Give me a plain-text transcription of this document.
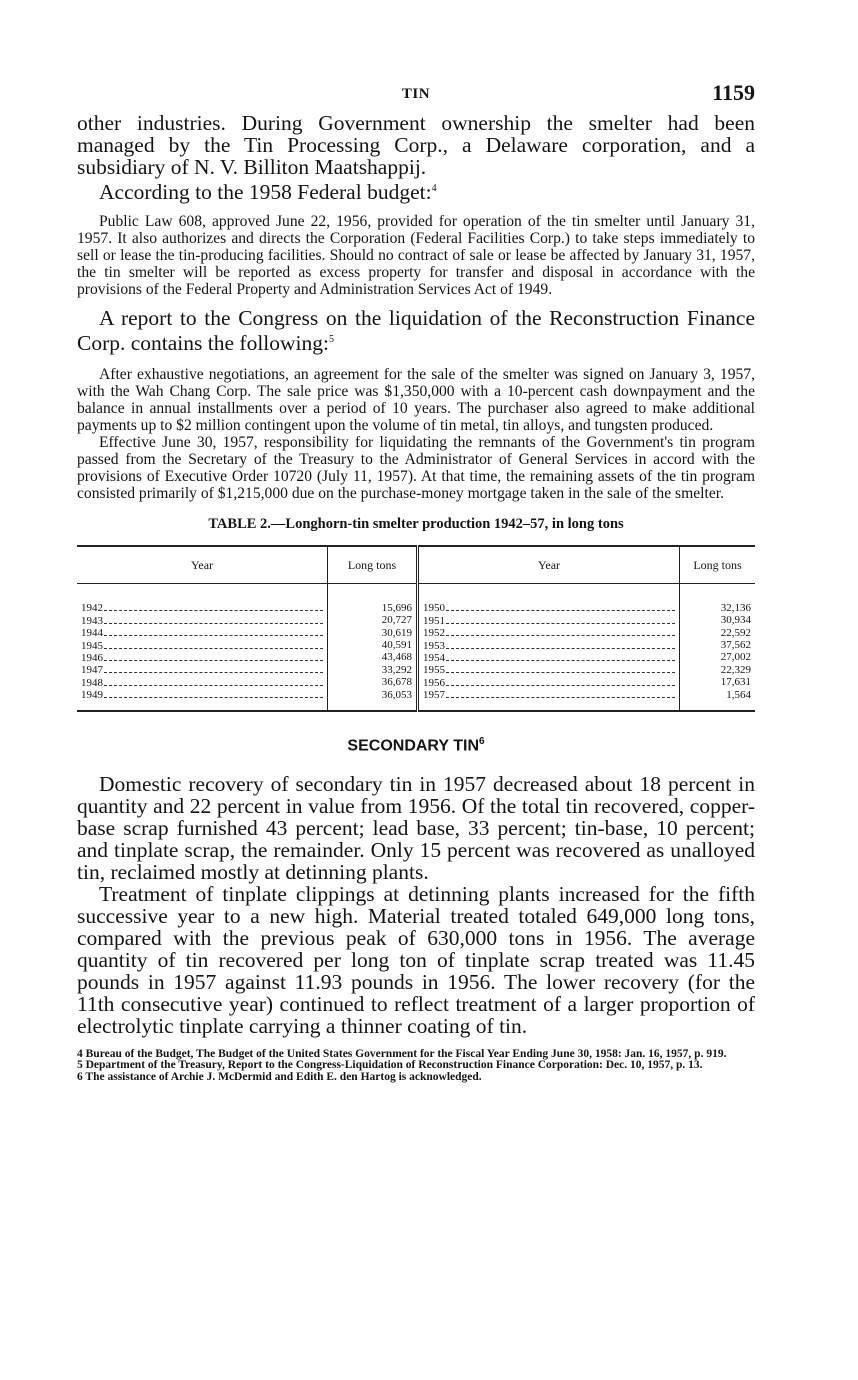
TIN	1159

other industries. During Government ownership the smelter had been managed by the Tin Processing Corp., a Delaware corporation, and a subsidiary of N. V. Billiton Maatshappij.

According to the 1958 Federal budget:$^4$

Public Law 608, approved June 22, 1956, provided for operation of the tin smelter until January 31, 1957. It also authorizes and directs the Corporation (Federal Facilities Corp.) to take steps immediately to sell or lease the tin-producing facilities. Should no contract of sale or lease be affected by January 31, 1957, the tin smelter will be reported as excess property for transfer and disposal in accordance with the provisions of the Federal Property and Administration Services Act of 1949.

A report to the Congress on the liquidation of the Reconstruction Finance Corp. contains the following:$^5$

After exhaustive negotiations, an agreement for the sale of the smelter was signed on January 3, 1957, with the Wah Chang Corp. The sale price was $1,350,000 with a 10-percent cash downpayment and the balance in annual installments over a period of 10 years. The purchaser also agreed to make additional payments up to $2 million contingent upon the volume of tin metal, tin alloys, and tungsten produced.

Effective June 30, 1957, responsibility for liquidating the remnants of the Government's tin program passed from the Secretary of the Treasury to the Administrator of General Services in accord with the provisions of Executive Order 10720 (July 11, 1957). At that time, the remaining assets of the tin program consisted primarily of $1,215,000 due on the purchase-money mortgage taken in the sale of the smelter.

TABLE 2.—Longhorn-tin smelter production 1942–57, in long tons
Year	Long tons	Year	Long tons

1942	15,696	1950	32,136

1943	20,727	1951	30,934

1944	30,619	1952	22,592

1945	40,591	1953	37,562

1946	43,468	1954	27,002

1947	33,292	1955	22,329

1948	36,678	1956	17,631

1949	36,053	1957	1,564
SECONDARY TIN$^6$

Domestic recovery of secondary tin in 1957 decreased about 18 percent in quantity and 22 percent in value from 1956. Of the total tin recovered, copper-base scrap furnished 43 percent; lead base, 33 percent; tin-base, 10 percent; and tinplate scrap, the remainder. Only 15 percent was recovered as unalloyed tin, reclaimed mostly at detinning plants.

Treatment of tinplate clippings at detinning plants increased for the fifth successive year to a new high. Material treated totaled 649,000 long tons, compared with the previous peak of 630,000 tons in 1956. The average quantity of tin recovered per long ton of tinplate scrap treated was 11.45 pounds in 1957 against 11.93 pounds in 1956. The lower recovery (for the 11th consecutive year) continued to reflect treatment of a larger proportion of electrolytic tinplate carrying a thinner coating of tin.

4 Bureau of the Budget, The Budget of the United States Government for the Fiscal Year Ending June 30, 1958: Jan. 16, 1957, p. 919.

5 Department of the Treasury, Report to the Congress-Liquidation of Reconstruction Finance Corporation: Dec. 10, 1957, p. 13.

6 The assistance of Archie J. McDermid and Edith E. den Hartog is acknowledged.
